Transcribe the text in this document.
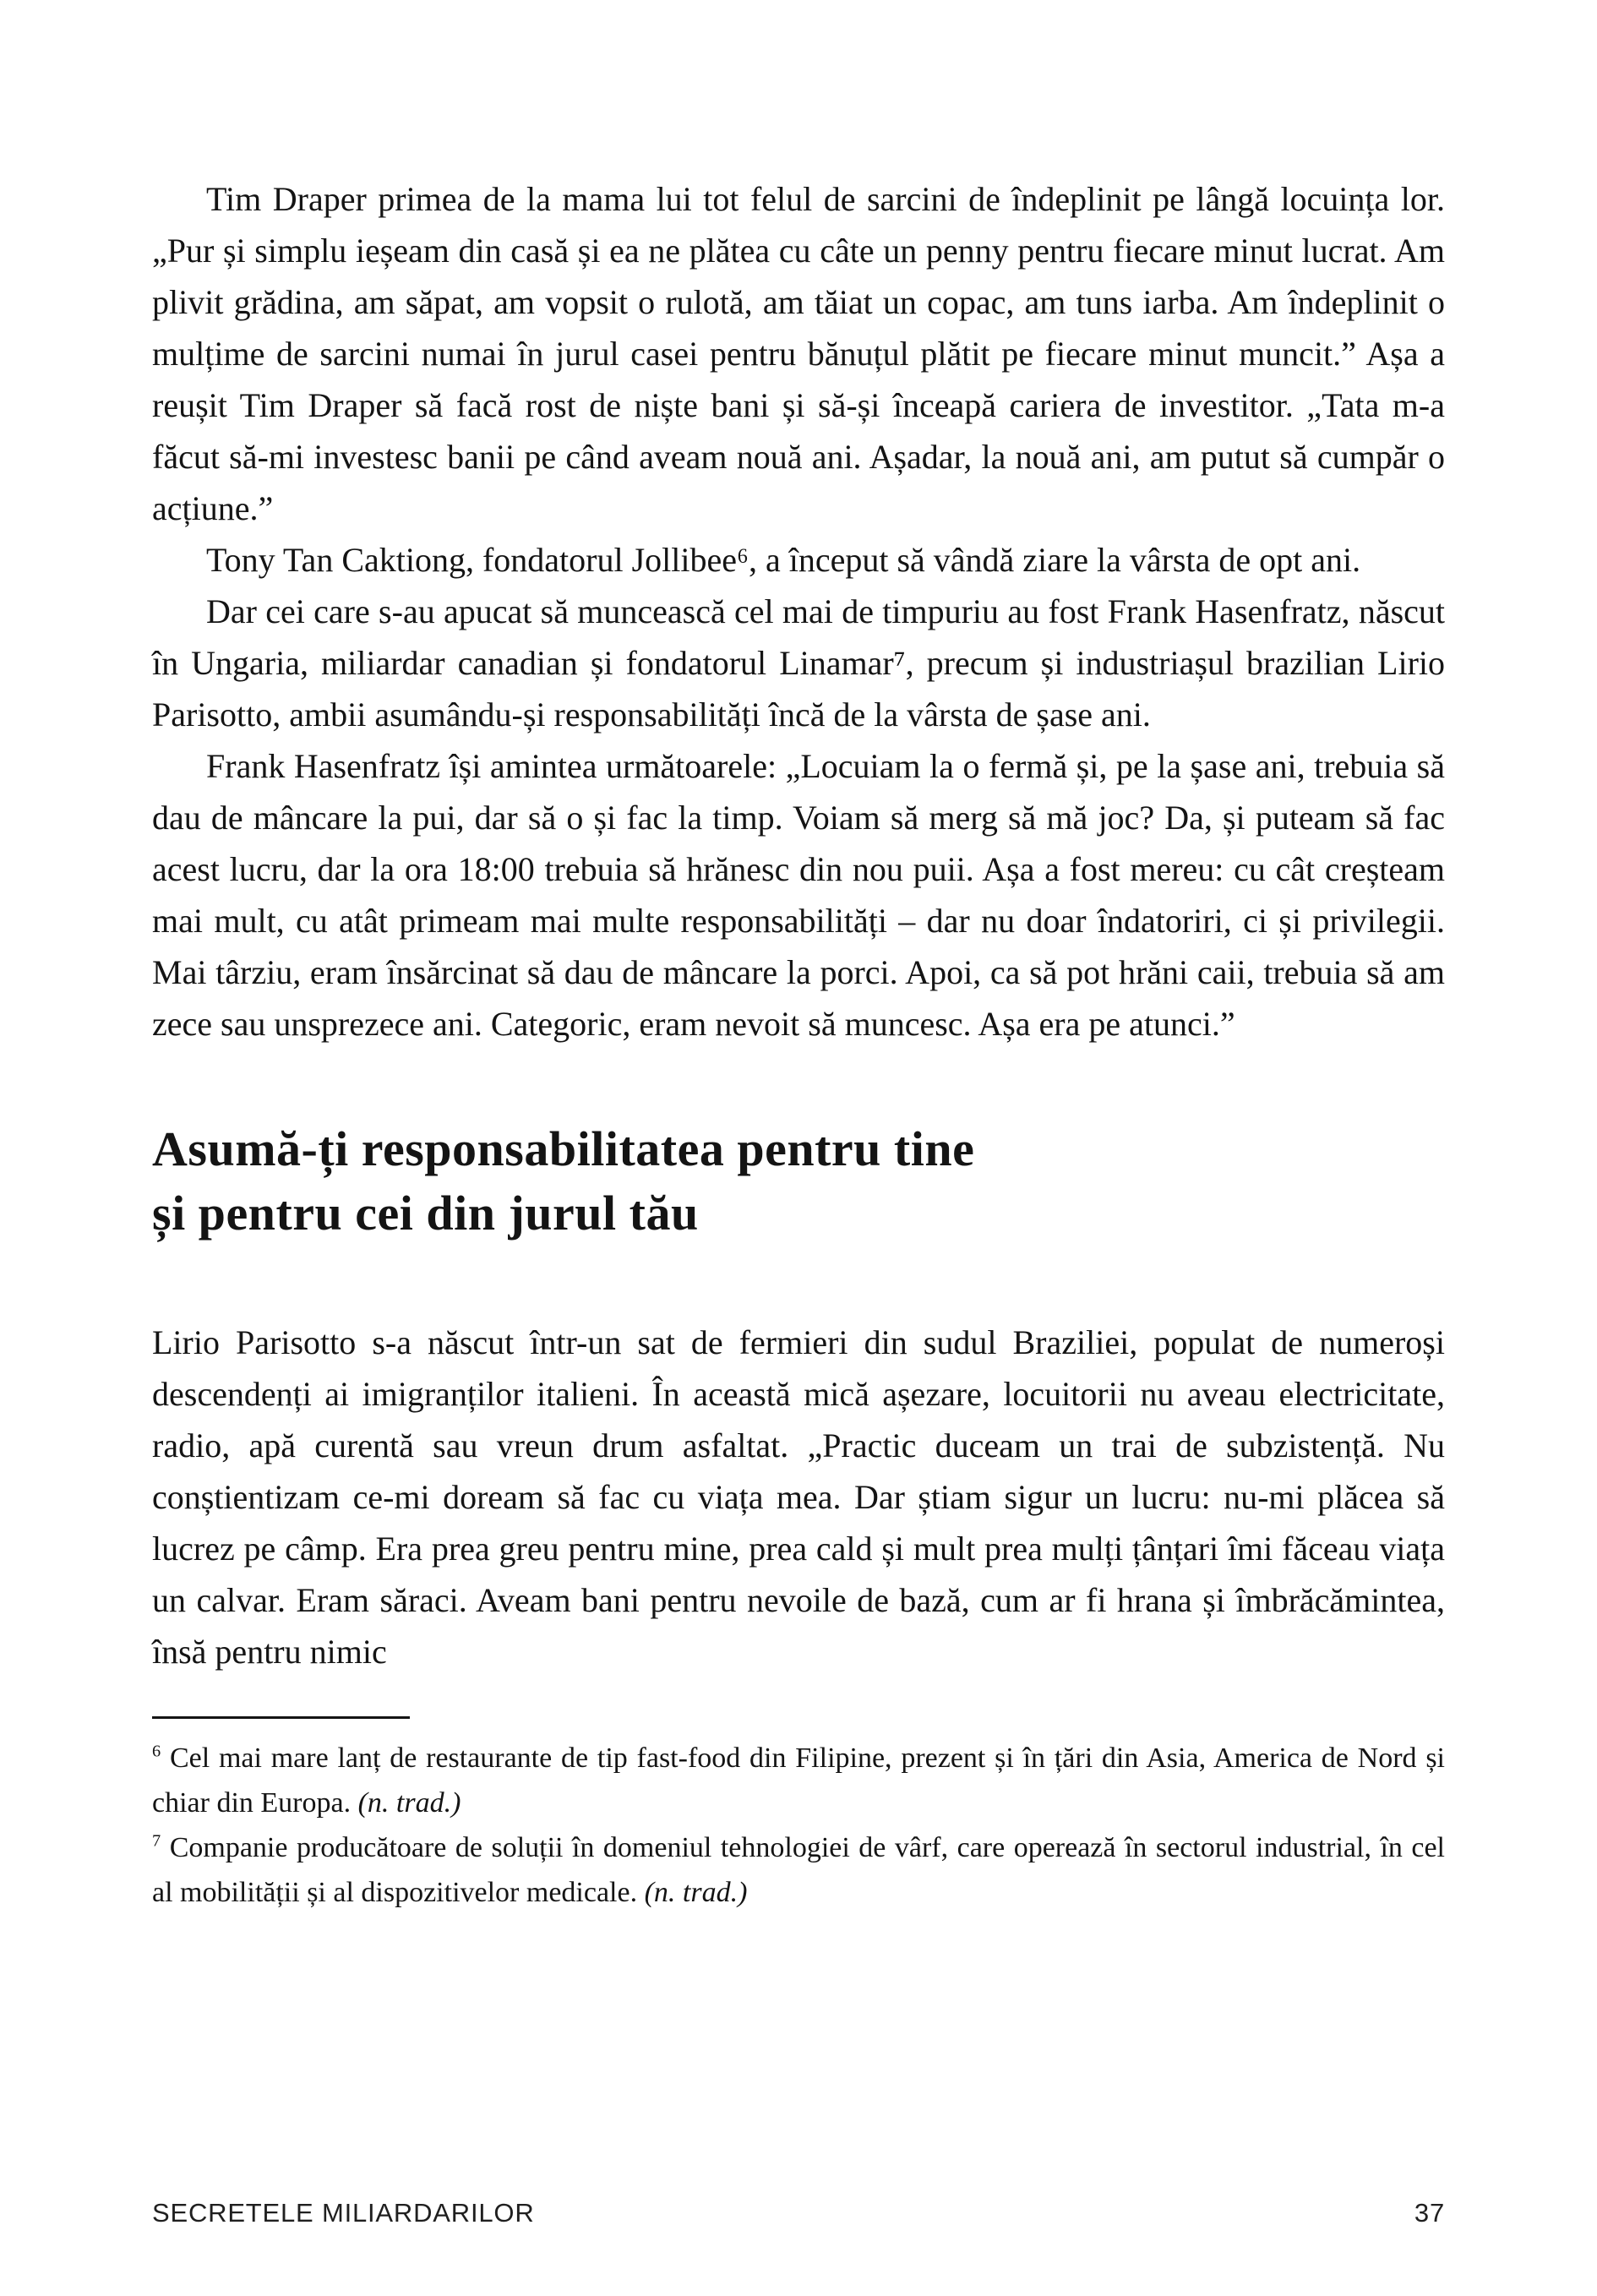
Tim Draper primea de la mama lui tot felul de sarcini de îndeplinit pe lângă locuința lor. „Pur și simplu ieșeam din casă și ea ne plătea cu câte un penny pentru fiecare minut lucrat. Am plivit grădina, am săpat, am vopsit o rulotă, am tăiat un copac, am tuns iarba. Am îndeplinit o mulțime de sarcini numai în jurul casei pentru bănuțul plătit pe fiecare minut muncit.” Așa a reușit Tim Draper să facă rost de niște bani și să-și înceapă cariera de investitor. „Tata m-a făcut să-mi investesc banii pe când aveam nouă ani. Așadar, la nouă ani, am putut să cumpăr o acțiune.”

Tony Tan Caktiong, fondatorul Jollibee⁶, a început să vândă ziare la vârsta de opt ani.

Dar cei care s-au apucat să muncească cel mai de timpuriu au fost Frank Hasenfratz, născut în Ungaria, miliardar canadian și fondatorul Linamar⁷, precum și industriașul brazilian Lirio Parisotto, ambii asumându-și responsabilități încă de la vârsta de șase ani.

Frank Hasenfratz își amintea următoarele: „Locuiam la o fermă și, pe la șase ani, trebuia să dau de mâncare la pui, dar să o și fac la timp. Voiam să merg să mă joc? Da, și puteam să fac acest lucru, dar la ora 18:00 trebuia să hrănesc din nou puii. Așa a fost mereu: cu cât creșteam mai mult, cu atât primeam mai multe responsabilități – dar nu doar îndatoriri, ci și privilegii. Mai târziu, eram însărcinat să dau de mâncare la porci. Apoi, ca să pot hrăni caii, trebuia să am zece sau unsprezece ani. Categoric, eram nevoit să muncesc. Așa era pe atunci.”

Asumă-ți responsabilitatea pentru tine
și pentru cei din jurul tău

Lirio Parisotto s-a născut într-un sat de fermieri din sudul Braziliei, populat de numeroși descendenți ai imigranților italieni. În această mică așezare, locuitorii nu aveau electricitate, radio, apă curentă sau vreun drum asfaltat. „Practic duceam un trai de subzistență. Nu conștientizam ce-mi doream să fac cu viața mea. Dar știam sigur un lucru: nu-mi plăcea să lucrez pe câmp. Era prea greu pentru mine, prea cald și mult prea mulți țânțari îmi făceau viața un calvar. Eram săraci. Aveam bani pentru nevoile de bază, cum ar fi hrana și îmbrăcămintea, însă pentru nimic

$^6$ Cel mai mare lanț de restaurante de tip fast-food din Filipine, prezent și în țări din Asia, America de Nord și chiar din Europa. (n. trad.)

$^7$ Companie producătoare de soluții în domeniul tehnologiei de vârf, care operează în sectorul industrial, în cel al mobilității și al dispozitivelor medicale. (n. trad.)

SECRETELE MILIARDARILOR	37
